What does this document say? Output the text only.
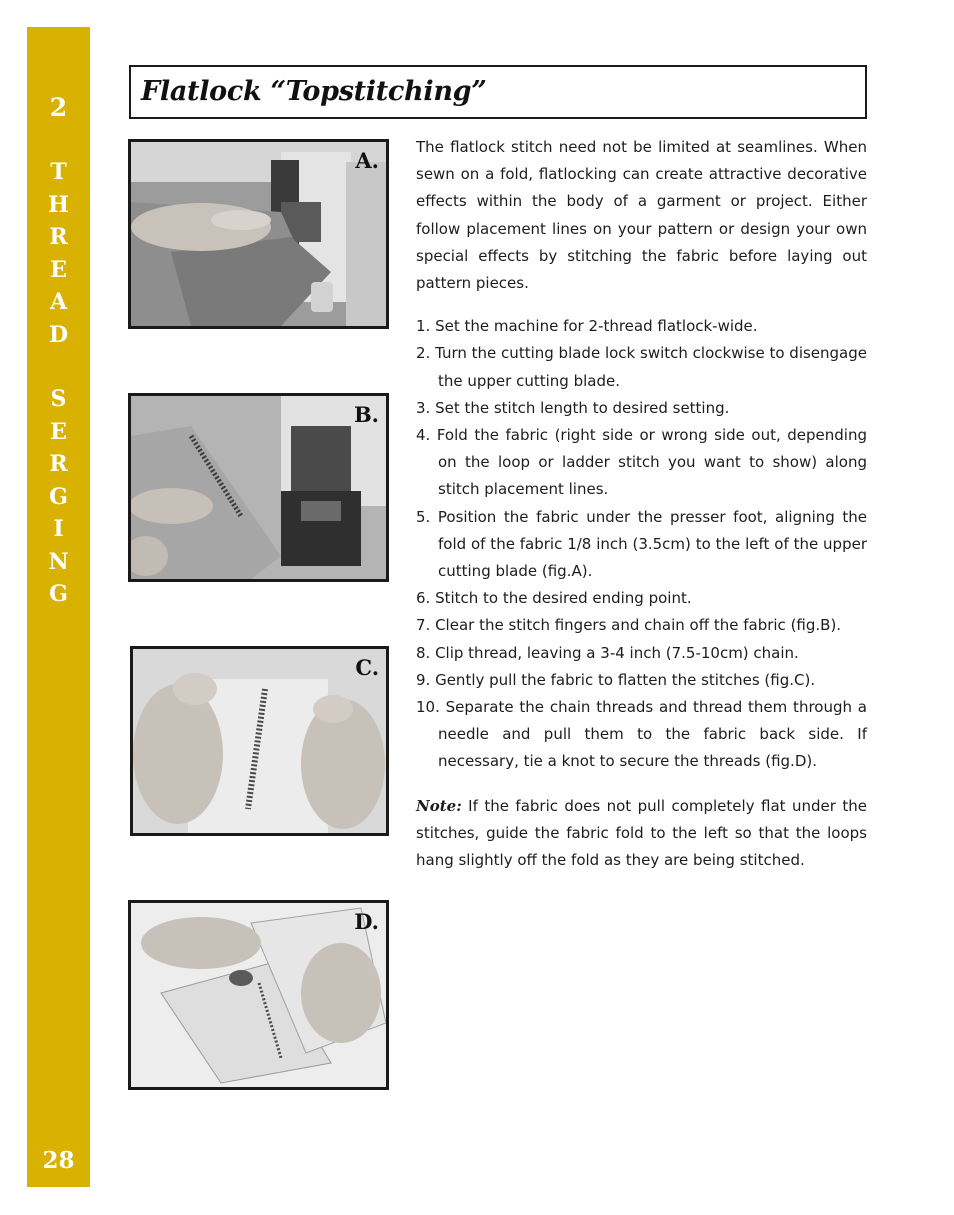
2
T
H
R
E
A
D
S
E
R
G
I
N
G
28
Flatlock “Topstitching”
A.
B.
C.
D.

The flatlock stitch need not be limited at seamlines. When sewn on a fold, flatlocking can create attractive decorative effects within the body of a garment or project. Either follow placement lines on your pattern or design your own special effects by stitching the fabric before laying out pattern pieces.

1. Set the machine for 2-thread flatlock-wide.
2. Turn the cutting blade lock switch clockwise to disengage the upper cutting blade.
3. Set the stitch length to desired setting.
4. Fold the fabric (right side or wrong side out, depending on the loop or ladder stitch you want to show) along stitch placement lines.
5. Position the fabric under the presser foot, aligning the fold of the fabric 1/8 inch (3.5cm) to the left of the upper cutting blade (fig.A).
6. Stitch to the desired ending point.
7. Clear the stitch fingers and chain off the fabric (fig.B).
8. Clip thread, leaving a 3-4 inch (7.5-10cm) chain.
9. Gently pull the fabric to flatten the stitches (fig.C).
10. Separate the chain threads and thread them through a needle and pull them to the fabric back side. If necessary, tie a knot to secure the threads (fig.D).

Note: If the fabric does not pull completely flat under the stitches, guide the fabric fold to the left so that the loops hang slightly off the fold as they are being stitched.
